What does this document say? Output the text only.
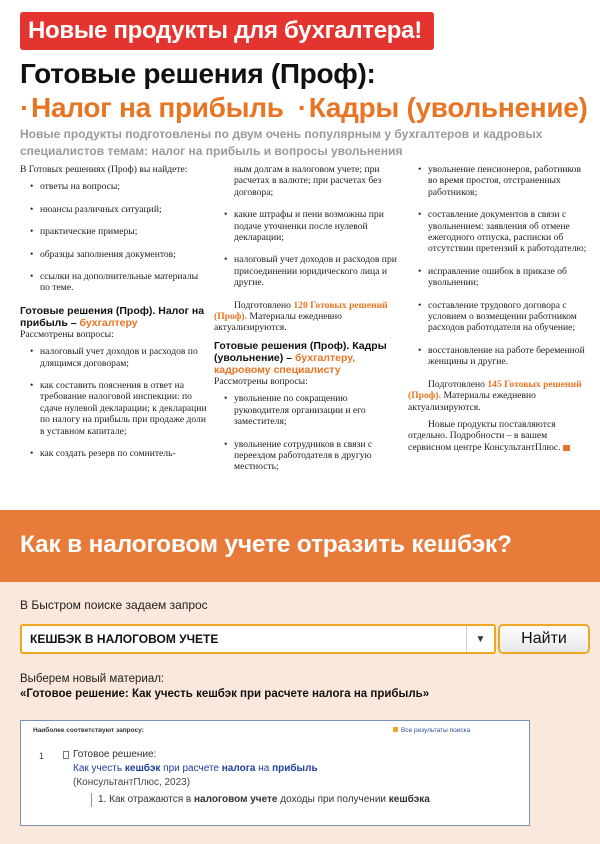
Новые продукты для бухгалтера!
Готовые решения (Проф):
·Налог на прибыль ·Кадры (увольнение)
Новые продукты подготовлены по двум очень популярным у бухгалтеров и кадровых специалистов темам: налог на прибыль и вопросы увольнения

В Готовых решениях (Проф) вы найдете:

• ответы на вопросы;
• нюансы различных ситуаций;
• практические примеры;
• образцы заполнения документов;
• ссылки на дополнительные материалы по теме.
Готовые решения (Проф). Налог на прибыль – бухгалтеру

Рассмотрены вопросы:

• налоговый учет доходов и расходов по длящимся договорам;
• как составить пояснения в ответ на требование налоговой инспекции: по сдаче нулевой декларации; к декларации по налогу на прибыль при продаже доли в уставном капитале;
• как создать резерв по сомнитель-
ным долгам в налоговом учете; при расчетах в валюте; при расчетах без договора;
• какие штрафы и пени возможны при подаче уточненки после нулевой декларации;
• налоговый учет доходов и расходов при присоединении юридического лица и другие.

Подготовлено 120 Готовых решений (Проф). Материалы ежедневно актуализируются.

Готовые решения (Проф). Кадры (увольнение) – бухгалтеру, кадровому специалисту

Рассмотрены вопросы:

• увольнение по сокращению руководителя организации и его заместителя;
• увольнение сотрудников в связи с переездом работодателя в другую местность;
• увольнение пенсионеров, работников во время простоя, отстраненных работников;
• составление документов в связи с увольнением: заявления об отмене ежегодного отпуска, расписки об отсутствии претензий к работодателю;
• исправление ошибок в приказе об увольнении;
• составление трудового договора с условием о возмещении работником расходов работодателя на обучение;
• восстановление на работе беременной женщины и другие.

Подготовлено 145 Готовых решений (Проф). Материалы ежедневно актуализируются.

Новые продукты поставляются отдельно. Подробности – в вашем сервисном центре КонсультантПлюс.

Как в налоговом учете отразить кешбэк?
В Быстром поиске задаем запрос
КЕШБЭК В НАЛОГОВОМ УЧЕТЕ	▼	Найти
Выберем новый материал:
«Готовое решение: Как учесть кешбэк при расчете налога на прибыль»
Наиболее соответствуют запросу:	Все результаты поиска
1	Готовое решение:
Как учесть кешбэк при расчете налога на прибыль
(КонсультантПлюс, 2023)
1. Как отражаются в налоговом учете доходы при получении кешбэка
